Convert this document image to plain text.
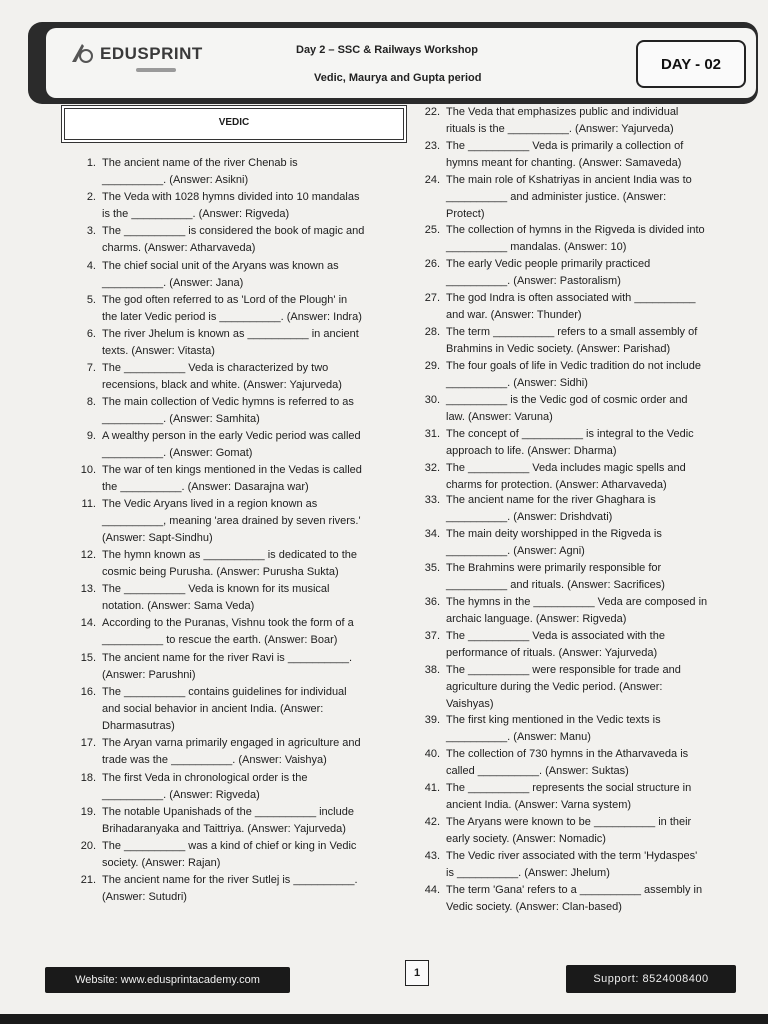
EDUSPRINT	Day 2 – SSC & Railways Workshop
Vedic, Maurya and Gupta period
DAY - 02
VEDIC
1. The ancient name of the river Chenab is
__________. (Answer: Asikni)
2. The Veda with 1028 hymns divided into 10 mandalas
is the __________. (Answer: Rigveda)
3. The __________ is considered the book of magic and
charms. (Answer: Atharvaveda)
4. The chief social unit of the Aryans was known as
__________. (Answer: Jana)
5. The god often referred to as 'Lord of the Plough' in
the later Vedic period is __________. (Answer: Indra)
6. The river Jhelum is known as __________ in ancient
texts. (Answer: Vitasta)
7. The __________ Veda is characterized by two
recensions, black and white. (Answer: Yajurveda)
8. The main collection of Vedic hymns is referred to as
__________. (Answer: Samhita)
9. A wealthy person in the early Vedic period was called
__________. (Answer: Gomat)
10. The war of ten kings mentioned in the Vedas is called
the __________. (Answer: Dasarajna war)
11. The Vedic Aryans lived in a region known as
__________, meaning 'area drained by seven rivers.'
(Answer: Sapt-Sindhu)
12. The hymn known as __________ is dedicated to the
cosmic being Purusha. (Answer: Purusha Sukta)
13. The __________ Veda is known for its musical
notation. (Answer: Sama Veda)
14. According to the Puranas, Vishnu took the form of a
__________ to rescue the earth. (Answer: Boar)
15. The ancient name for the river Ravi is __________.
(Answer: Parushni)
16. The __________ contains guidelines for individual
and social behavior in ancient India. (Answer:
Dharmasutras)
17. The Aryan varna primarily engaged in agriculture and
trade was the __________. (Answer: Vaishya)
18. The first Veda in chronological order is the
__________. (Answer: Rigveda)
19. The notable Upanishads of the __________ include
Brihadaranyaka and Taittriya. (Answer: Yajurveda)
20. The __________ was a kind of chief or king in Vedic
society. (Answer: Rajan)
21. The ancient name for the river Sutlej is __________.
(Answer: Sutudri)
22. The Veda that emphasizes public and individual
rituals is the __________. (Answer: Yajurveda)
23. The __________ Veda is primarily a collection of
hymns meant for chanting. (Answer: Samaveda)
24. The main role of Kshatriyas in ancient India was to
__________ and administer justice. (Answer:
Protect)
25. The collection of hymns in the Rigveda is divided into
__________ mandalas. (Answer: 10)
26. The early Vedic people primarily practiced
__________. (Answer: Pastoralism)
27. The god Indra is often associated with __________
and war. (Answer: Thunder)
28. The term __________ refers to a small assembly of
Brahmins in Vedic society. (Answer: Parishad)
29. The four goals of life in Vedic tradition do not include
__________. (Answer: Sidhi)
30. __________ is the Vedic god of cosmic order and
law. (Answer: Varuna)
31. The concept of __________ is integral to the Vedic
approach to life. (Answer: Dharma)
32. The __________ Veda includes magic spells and
charms for protection. (Answer: Atharvaveda)
33. The ancient name for the river Ghaghara is
__________. (Answer: Drishdvati)
34. The main deity worshipped in the Rigveda is
__________. (Answer: Agni)
35. The Brahmins were primarily responsible for
__________ and rituals. (Answer: Sacrifices)
36. The hymns in the __________ Veda are composed in
archaic language. (Answer: Rigveda)
37. The __________ Veda is associated with the
performance of rituals. (Answer: Yajurveda)
38. The __________ were responsible for trade and
agriculture during the Vedic period. (Answer:
Vaishyas)
39. The first king mentioned in the Vedic texts is
__________. (Answer: Manu)
40. The collection of 730 hymns in the Atharvaveda is
called __________. (Answer: Suktas)
41. The __________ represents the social structure in
ancient India. (Answer: Varna system)
42. The Aryans were known to be __________ in their
early society. (Answer: Nomadic)
43. The Vedic river associated with the term 'Hydaspes'
is __________. (Answer: Jhelum)
44. The term 'Gana' refers to a __________ assembly in
Vedic society. (Answer: Clan-based)
Website: www.edusprintacademy.com
1	Support: 8524008400
